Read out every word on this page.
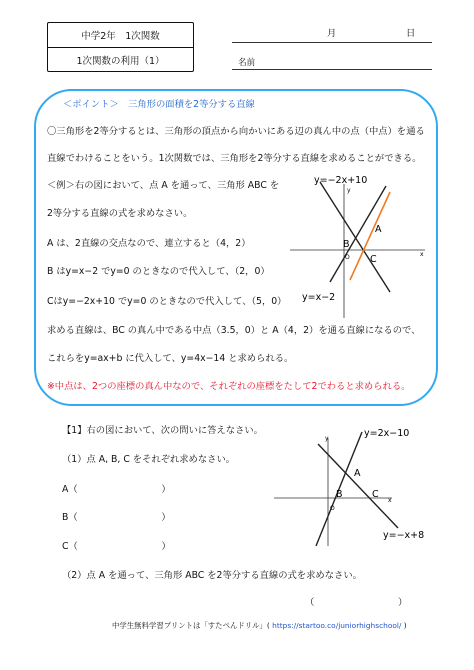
中学2年　1次関数
1次関数の利用（1）
月	日
名前
＜ポイント＞　三角形の面積を2等分する直線
〇三角形を2等分するとは、三角形の頂点から向かいにある辺の真ん中の点（中点）を通る
直線でわけることをいう。1次関数では、三角形を2等分する直線を求めることができる。
＜例＞右の図において、点 A を通って、三角形 ABC を
2等分する直線の式を求めなさい。
A は、2直線の交点なので、連立すると（4，2）
B はy=x−2 でy=0 のときなので代入して、（2，0）
Cはy=−2x+10 でy=0 のときなので代入して、（5，0）
求める直線は、BC の真ん中である中点（3.5，0）と A（4，2）を通る直線になるので、
これらをy=ax+b に代入して、y=4x−14 と求められる。
※中点は、2つの座標の真ん中なので、それぞれの座標をたして2でわると求められる。
y=−2x+10
y=x−2
y
x
O
A
B
C
【1】右の図において、次の問いに答えなさい。
（1）点 A, B, C をそれぞれ求めなさい。
A（　　　　　　　　　）
B（　　　　　　　　　）
C（　　　　　　　　　）
（2）点 A を通って、三角形 ABC を2等分する直線の式を求めなさい。
（　　　　　　　　　）
y=2x−10
y=−x+8
y
x
O
A
B	C
中学生無料学習プリントは「すたぺんドリル」( https://startoo.co/juniorhighschool/ )
